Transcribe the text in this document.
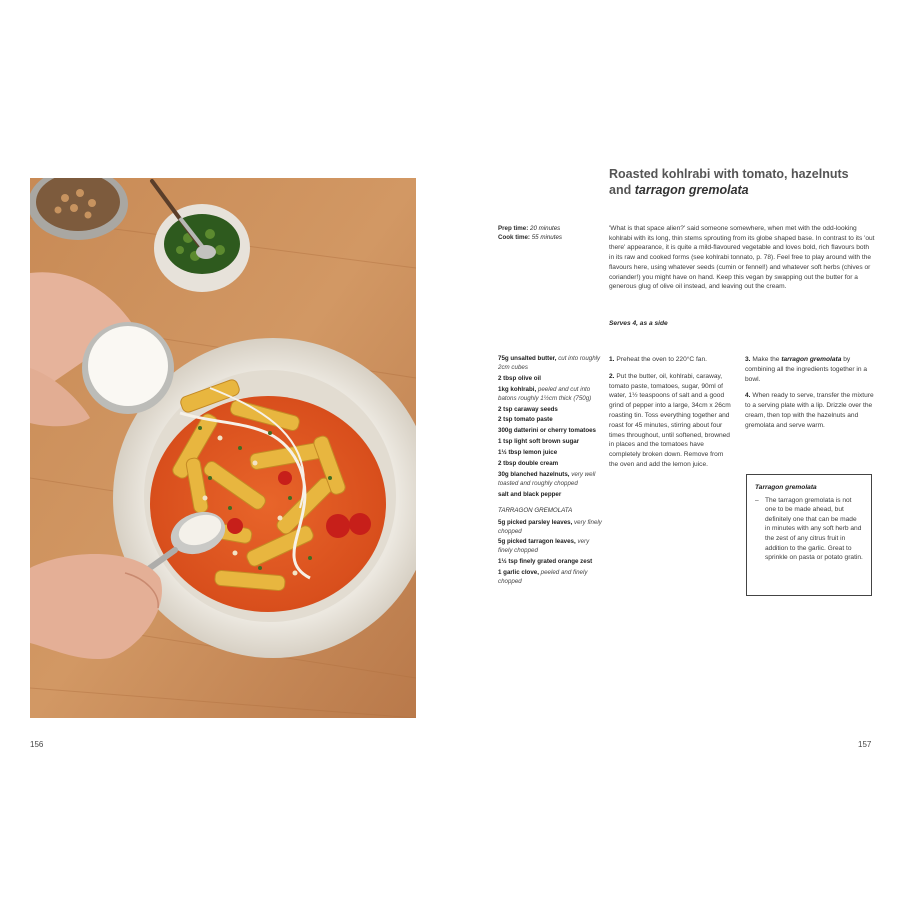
156	157
Roasted kohlrabi with tomato, hazelnuts and tarragon gremolata
Prep time: 20 minutes
Cook time: 55 minutes
'What is that space alien?' said someone somewhere, when met with the odd-looking kohlrabi with its long, thin stems sprouting from its globe shaped base. In contrast to its 'out there' appearance, it is quite a mild-flavoured vegetable and loves bold, rich flavours both in its raw and cooked forms (see kohlrabi tonnato, p. 78). Feel free to play around with the flavours here, using whatever seeds (cumin or fennel!) and whatever soft herbs (chives or coriander!) you might have on hand. Keep this vegan by swapping out the butter for a generous glug of olive oil instead, and leaving out the cream.
Serves 4, as a side
75g unsalted butter, cut into roughly 2cm cubes
2 tbsp olive oil
1kg kohlrabi, peeled and cut into batons roughly 1½cm thick (750g)
2 tsp caraway seeds
2 tsp tomato paste
300g datterini or cherry tomatoes
1 tsp light soft brown sugar
1½ tbsp lemon juice
2 tbsp double cream
30g blanched hazelnuts, very well toasted and roughly chopped
salt and black pepper
TARRAGON GREMOLATA
5g picked parsley leaves, very finely chopped
5g picked tarragon leaves, very finely chopped
1½ tsp finely grated orange zest
1 garlic clove, peeled and finely chopped
1. Preheat the oven to 220°C fan.
2. Put the butter, oil, kohlrabi, caraway, tomato paste, tomatoes, sugar, 90ml of water, 1½ teaspoons of salt and a good grind of pepper into a large, 34cm x 26cm roasting tin. Toss everything together and roast for 45 minutes, stirring about four times throughout, until softened, browned in places and the tomatoes have completely broken down. Remove from the oven and add the lemon juice.
3. Make the tarragon gremolata by combining all the ingredients together in a bowl.
4. When ready to serve, transfer the mixture to a serving plate with a lip. Drizzle over the cream, then top with the hazelnuts and gremolata and serve warm.
Tarragon gremolata
– The tarragon gremolata is not one to be made ahead, but definitely one that can be made in minutes with any soft herb and the zest of any citrus fruit in addition to the garlic. Great to sprinkle on pasta or potato gratin.
